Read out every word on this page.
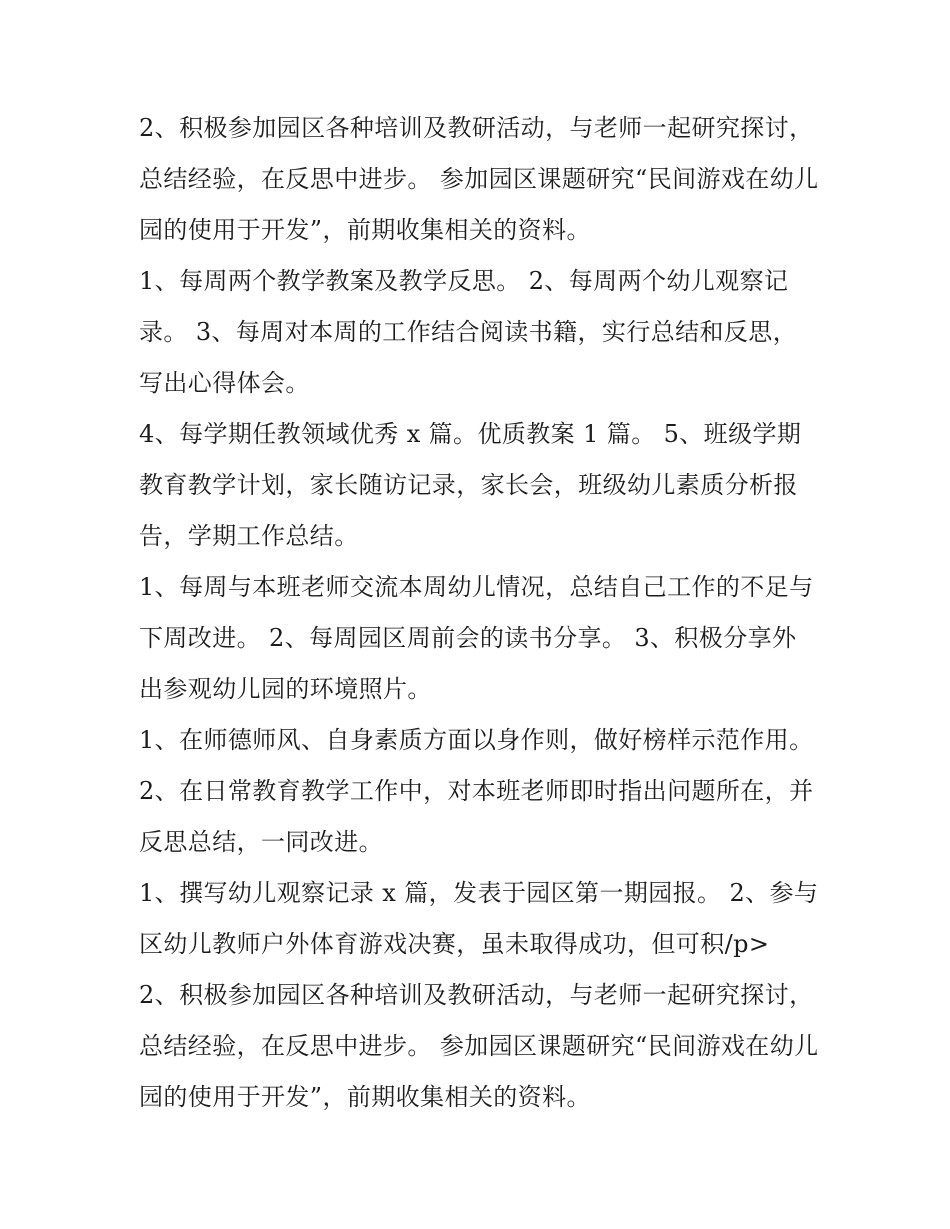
2、积极参加园区各种培训及教研活动，与老师一起研究探讨，总结经验，在反思中进步。 参加园区课题研究“民间游戏在幼儿园的使用于开发”，前期收集相关的资料。

1、每周两个教学教案及教学反思。 2、每周两个幼儿观察记录。 3、每周对本周的工作结合阅读书籍，实行总结和反思，写出心得体会。

4、每学期任教领域优秀 x 篇。优质教案 1 篇。 5、班级学期教育教学计划，家长随访记录，家长会，班级幼儿素质分析报告，学期工作总结。

1、每周与本班老师交流本周幼儿情况，总结自己工作的不足与下周改进。 2、每周园区周前会的读书分享。 3、积极分享外出参观幼儿园的环境照片。

1、在师德师风、自身素质方面以身作则，做好榜样示范作用。 2、在日常教育教学工作中，对本班老师即时指出问题所在，并反思总结，一同改进。

1、撰写幼儿观察记录 x 篇，发表于园区第一期园报。 2、参与区幼儿教师户外体育游戏决赛，虽未取得成功，但可积/p>

2、积极参加园区各种培训及教研活动，与老师一起研究探讨，总结经验，在反思中进步。 参加园区课题研究“民间游戏在幼儿园的使用于开发”，前期收集相关的资料。
